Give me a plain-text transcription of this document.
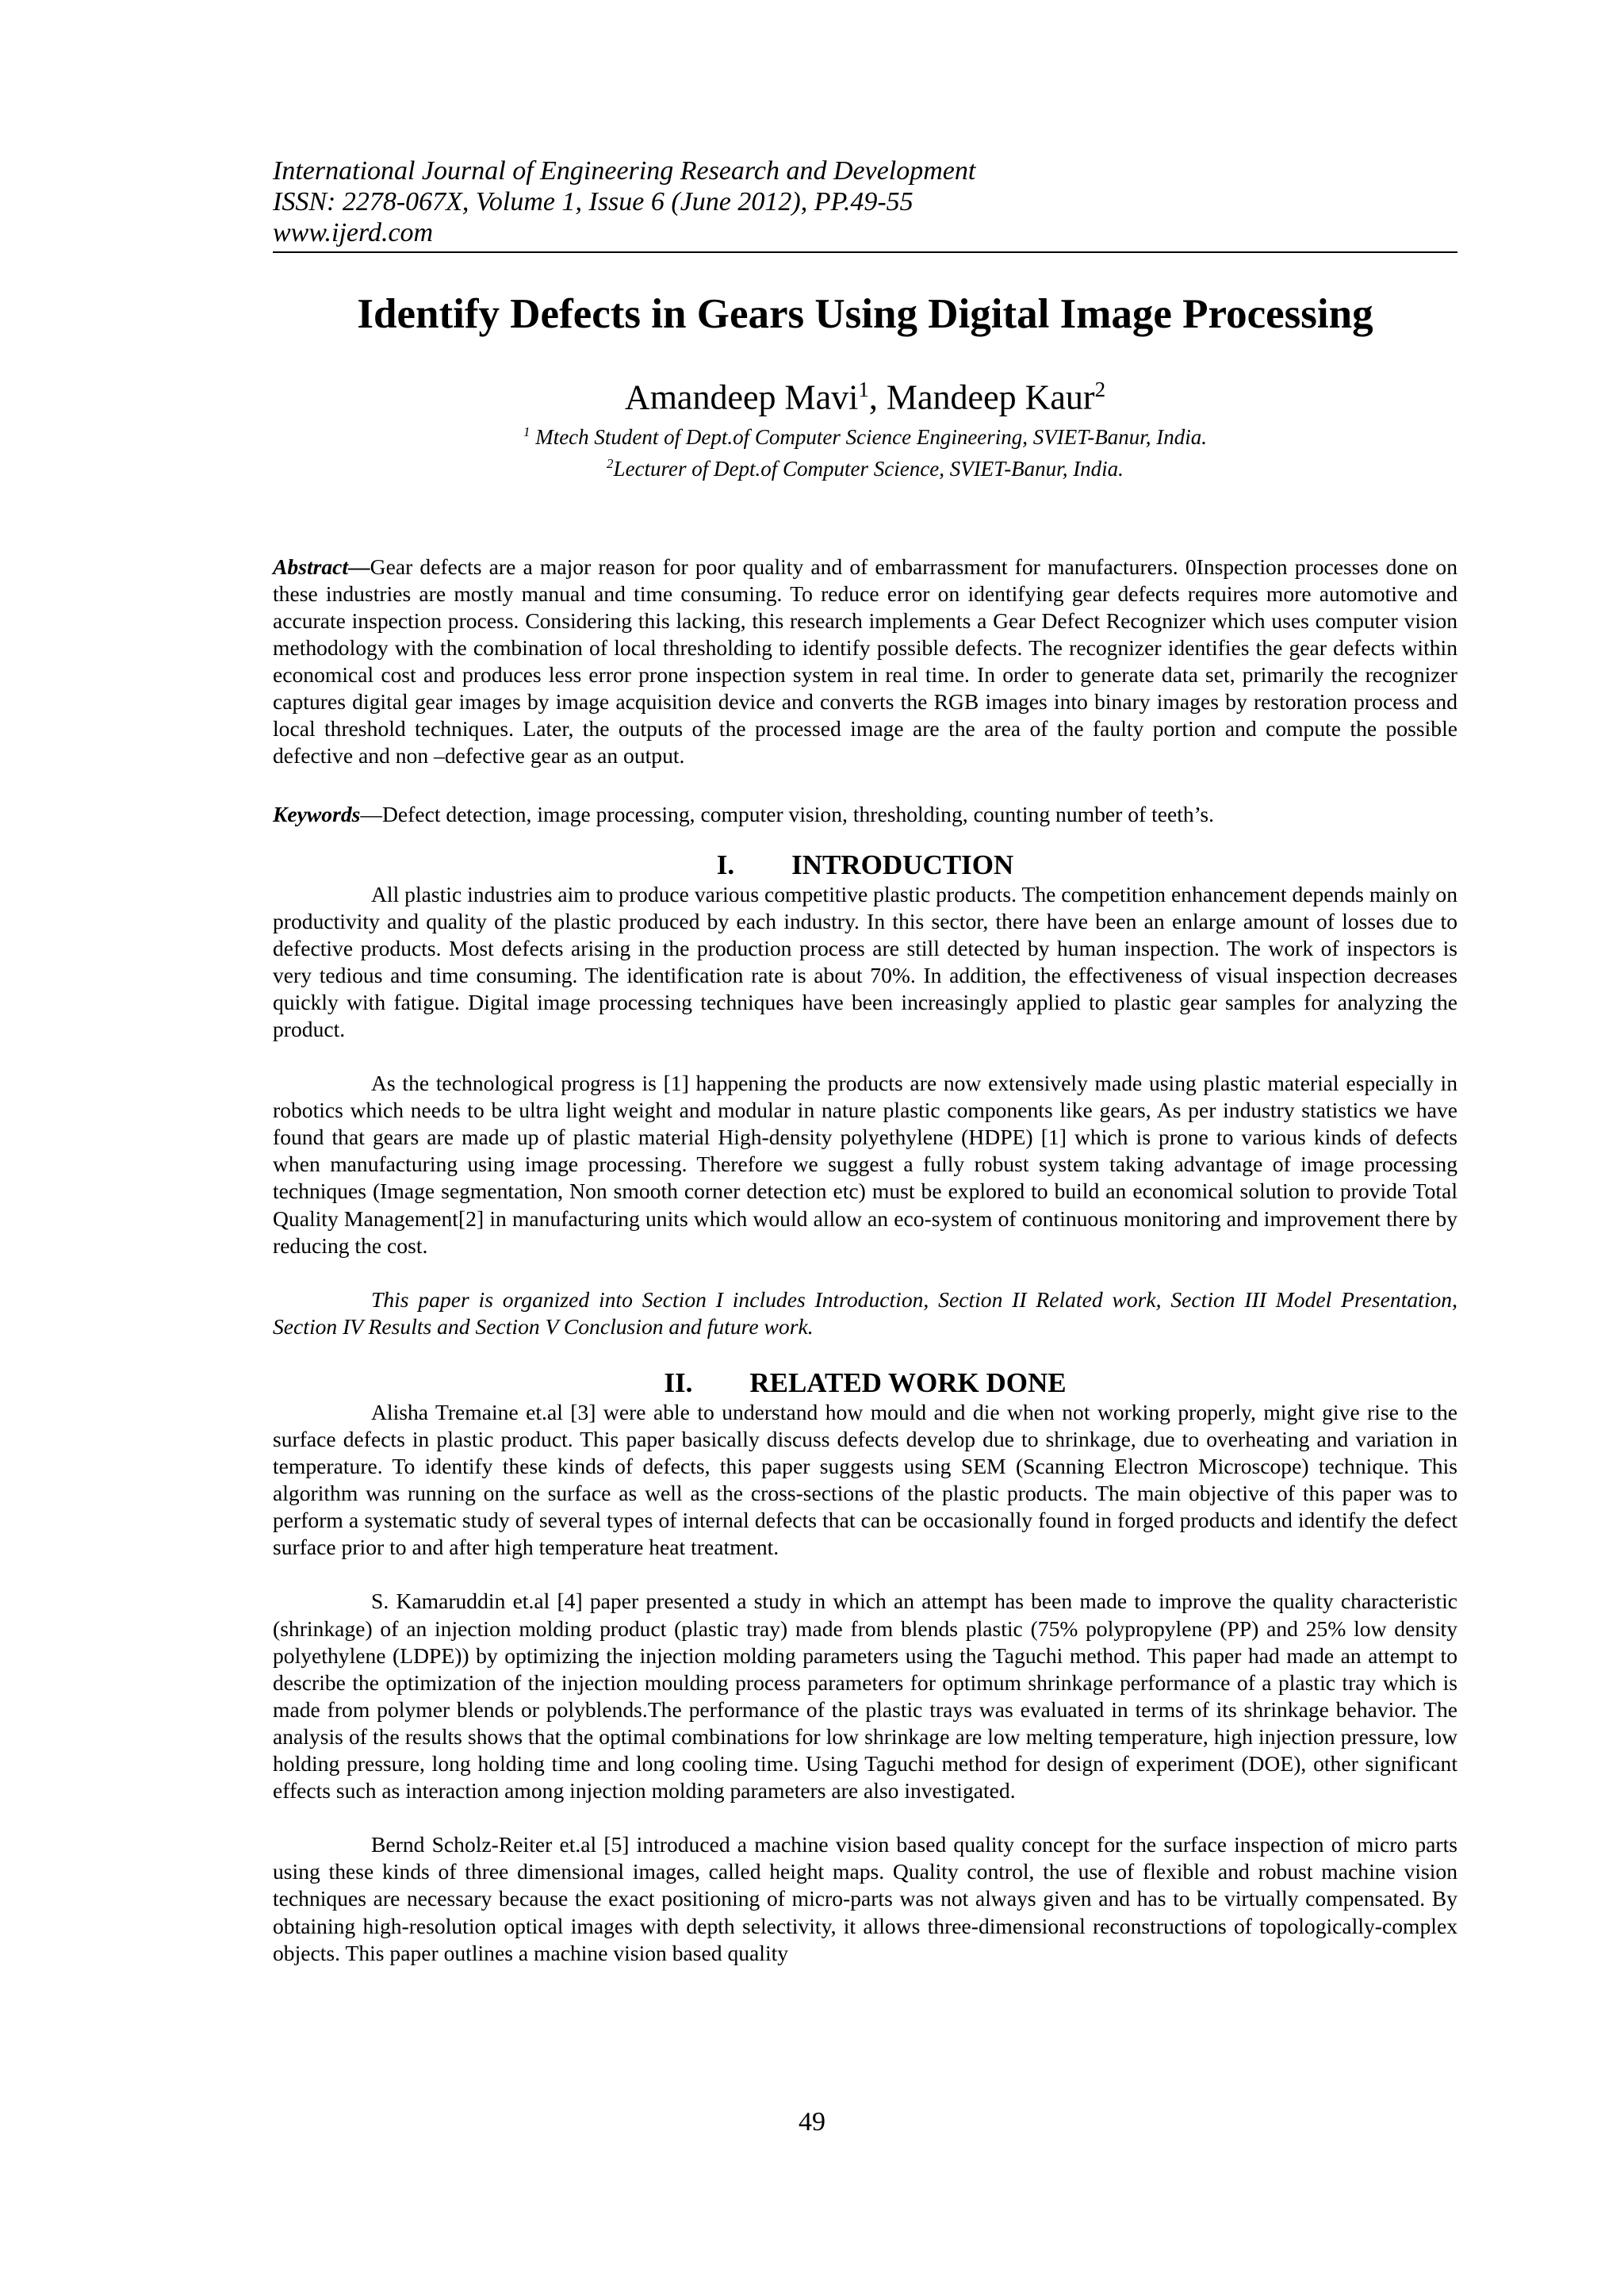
International Journal of Engineering Research and Development
ISSN: 2278-067X, Volume 1, Issue 6 (June 2012), PP.49-55
www.ijerd.com
Identify Defects in Gears Using Digital Image Processing
Amandeep Mavi$^1$, Mandeep Kaur$^2$
$^1$ Mtech Student of Dept.of Computer Science Engineering, SVIET-Banur, India.
$^2$Lecturer of Dept.of Computer Science, SVIET-Banur, India.

Abstract—Gear defects are a major reason for poor quality and of embarrassment for manufacturers. 0Inspection processes done on these industries are mostly manual and time consuming. To reduce error on identifying gear defects requires more automotive and accurate inspection process. Considering this lacking, this research implements a Gear Defect Recognizer which uses computer vision methodology with the combination of local thresholding to identify possible defects. The recognizer identifies the gear defects within economical cost and produces less error prone inspection system in real time. In order to generate data set, primarily the recognizer captures digital gear images by image acquisition device and converts the RGB images into binary images by restoration process and local threshold techniques. Later, the outputs of the processed image are the area of the faulty portion and compute the possible defective and non –defective gear as an output.

Keywords—Defect detection, image processing, computer vision, thresholding, counting number of teeth’s.

I. INTRODUCTION

All plastic industries aim to produce various competitive plastic products. The competition enhancement depends mainly on productivity and quality of the plastic produced by each industry. In this sector, there have been an enlarge amount of losses due to defective products. Most defects arising in the production process are still detected by human inspection. The work of inspectors is very tedious and time consuming. The identification rate is about 70%. In addition, the effectiveness of visual inspection decreases quickly with fatigue. Digital image processing techniques have been increasingly applied to plastic gear samples for analyzing the product.

As the technological progress is [1] happening the products are now extensively made using plastic material especially in robotics which needs to be ultra light weight and modular in nature plastic components like gears, As per industry statistics we have found that gears are made up of plastic material High-density polyethylene (HDPE) [1] which is prone to various kinds of defects when manufacturing using image processing. Therefore we suggest a fully robust system taking advantage of image processing techniques (Image segmentation, Non smooth corner detection etc) must be explored to build an economical solution to provide Total Quality Management[2] in manufacturing units which would allow an eco-system of continuous monitoring and improvement there by reducing the cost.

This paper is organized into Section I includes Introduction, Section II Related work, Section III Model Presentation, Section IV Results and Section V Conclusion and future work.

II. RELATED WORK DONE

Alisha Tremaine et.al [3] were able to understand how mould and die when not working properly, might give rise to the surface defects in plastic product. This paper basically discuss defects develop due to shrinkage, due to overheating and variation in temperature. To identify these kinds of defects, this paper suggests using SEM (Scanning Electron Microscope) technique. This algorithm was running on the surface as well as the cross-sections of the plastic products. The main objective of this paper was to perform a systematic study of several types of internal defects that can be occasionally found in forged products and identify the defect surface prior to and after high temperature heat treatment.

S. Kamaruddin et.al [4] paper presented a study in which an attempt has been made to improve the quality characteristic (shrinkage) of an injection molding product (plastic tray) made from blends plastic (75% polypropylene (PP) and 25% low density polyethylene (LDPE)) by optimizing the injection molding parameters using the Taguchi method. This paper had made an attempt to describe the optimization of the injection moulding process parameters for optimum shrinkage performance of a plastic tray which is made from polymer blends or polyblends.The performance of the plastic trays was evaluated in terms of its shrinkage behavior. The analysis of the results shows that the optimal combinations for low shrinkage are low melting temperature, high injection pressure, low holding pressure, long holding time and long cooling time. Using Taguchi method for design of experiment (DOE), other significant effects such as interaction among injection molding parameters are also investigated.

Bernd Scholz-Reiter et.al [5] introduced a machine vision based quality concept for the surface inspection of micro parts using these kinds of three dimensional images, called height maps. Quality control, the use of flexible and robust machine vision techniques are necessary because the exact positioning of micro-parts was not always given and has to be virtually compensated. By obtaining high-resolution optical images with depth selectivity, it allows three-dimensional reconstructions of topologically-complex objects. This paper outlines a machine vision based quality

49
